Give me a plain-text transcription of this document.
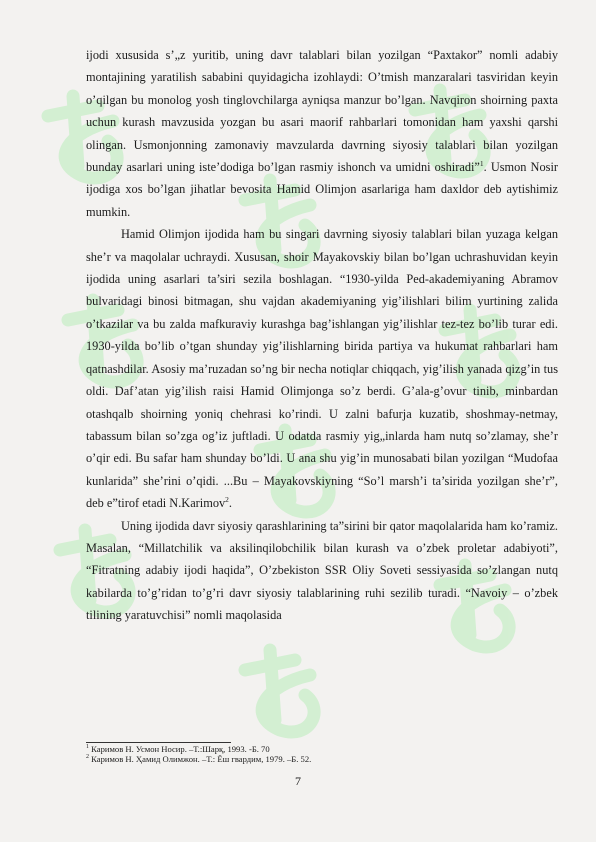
ijodi xususida s’„z yuritib, uning davr talablari bilan yozilgan “Paxtakor” nomli adabiy montajining yaratilish sababini quyidagicha izohlaydi: O’tmish manzaralari tasviridan keyin o’qilgan bu monolog yosh tinglovchilarga ayniqsa manzur bo’lgan. Navqiron shoirning paxta uchun kurash mavzusida yozgan bu asari maorif rahbarlari tomonidan ham yaxshi qarshi olingan. Usmonjonning zamonaviy mavzularda davrning siyosiy talablari bilan yozilgan bunday asarlari uning iste’dodiga bo’lgan rasmiy ishonch va umidni oshiradi”$^1$. Usmon Nosir ijodiga xos bo’lgan jihatlar bevosita Hamid Olimjon asarlariga ham daxldor deb aytishimiz mumkin.

Hamid Olimjon ijodida ham bu singari davrning siyosiy talablari bilan yuzaga kelgan she’r va maqolalar uchraydi. Xususan, shoir Mayakovskiy bilan bo’lgan uchrashuvidan keyin ijodida uning asarlari ta’siri sezila boshlagan. “1930-yilda Ped-akademiyaning Abramov bulvaridagi binosi bitmagan, shu vajdan akademiyaning yig’ilishlari bilim yurtining zalida o’tkazilar va bu zalda mafkuraviy kurashga bag’ishlangan yig’ilishlar tez-tez bo’lib turar edi. 1930-yilda bo’lib o’tgan shunday yig’ilishlarning birida partiya va hukumat rahbarlari ham qatnashdilar. Asosiy ma’ruzadan so’ng bir necha notiqlar chiqqach, yig’ilish yanada qizg’in tus oldi. Daf’atan yig’ilish raisi Hamid Olimjonga so’z berdi. G’ala-g’ovur tinib, minbardan otashqalb shoirning yoniq chehrasi ko’rindi. U zalni bafurja kuzatib, shoshmay-netmay, tabassum bilan so’zga og’iz juftladi. U odatda rasmiy yig„inlarda ham nutq so’zlamay, she’r o’qir edi. Bu safar ham shunday bo’ldi. U ana shu yig’in munosabati bilan yozilgan “Mudofaa kunlarida” she’rini o’qidi. ...Bu – Mayakovskiyning “So’l marsh’i ta’sirida yozilgan she’r”, deb e”tirof etadi N.Karimov$^2$.

Uning ijodida davr siyosiy qarashlarining ta”sirini bir qator maqolalarida ham ko’ramiz. Masalan, “Millatchilik va aksilinqilobchilik bilan kurash va o’zbek proletar adabiyoti”, “Fitratning adabiy ijodi haqida”, O’zbekiston SSR Oliy Soveti sessiyasida so’zlangan nutq kabilarda to’g’ridan to’g’ri davr siyosiy talablarining ruhi sezilib turadi. “Navoiy – o’zbek tilining yaratuvchisi” nomli maqolasida

$^1$ Каримов Н. Усмон Носир. –Т.:Шарқ, 1993. -Б. 70
$^2$ Каримов Н. Ҳамид Олимжон. –Т.: Ёш гвардим, 1979. –Б. 52.
7
